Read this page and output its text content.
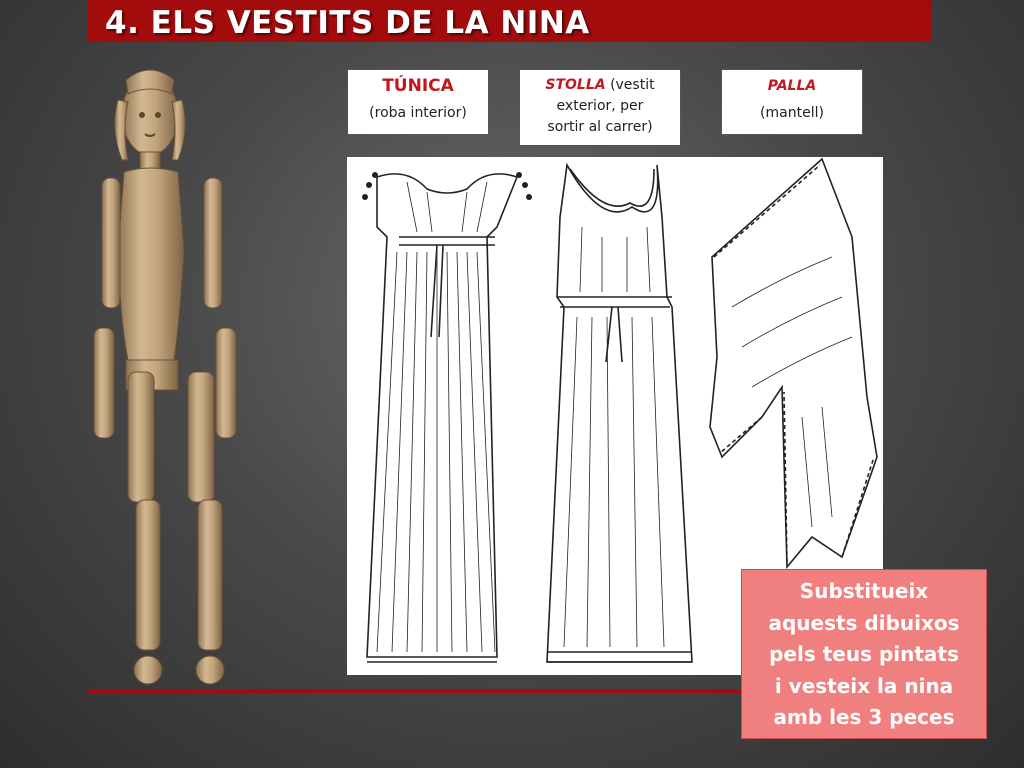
4. ELS VESTITS DE LA NINA
TÚNICA
(roba interior)
STOLLA (vestit
exterior, per
sortir al carrer)
PALLA
(mantell)
Substitueix
aquests dibuixos
pels teus pintats
i vesteix la nina
amb les 3 peces
